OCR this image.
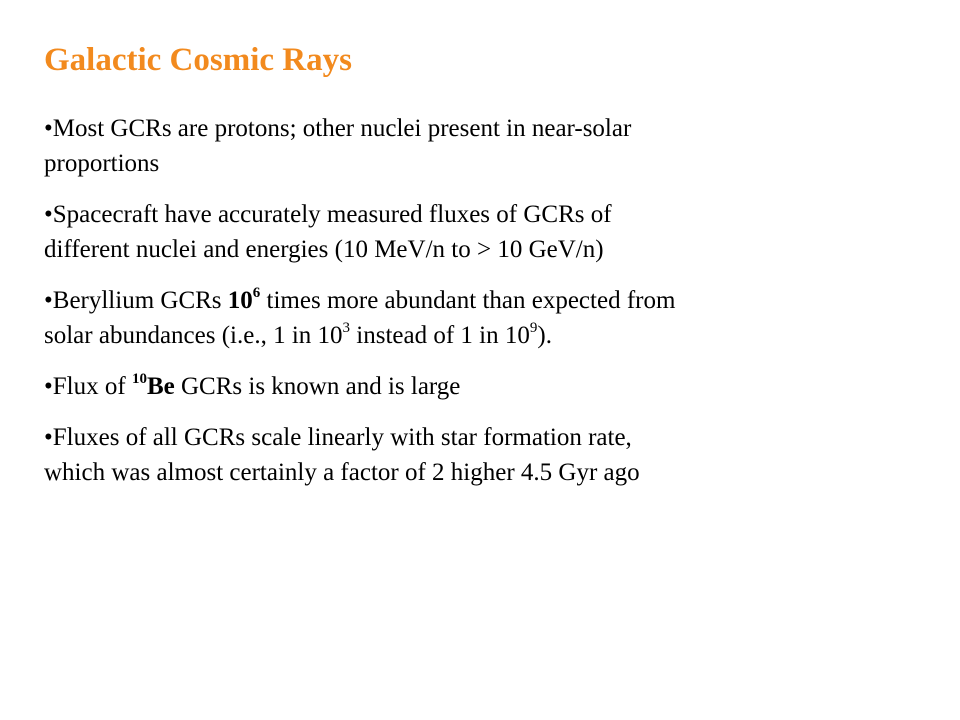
Galactic Cosmic Rays

•Most GCRs are protons; other nuclei present in near-solar

proportions

•Spacecraft have accurately measured fluxes of GCRs of

different nuclei and energies (10 MeV/n to > 10 GeV/n)

•Beryllium GCRs $10^6$ times more abundant than expected from

solar abundances (i.e., 1 in $10^3$ instead of 1 in $10^9$).

•Flux of $^{10}$Be GCRs is known and is large

•Fluxes of all GCRs scale linearly with star formation rate,

which was almost certainly a factor of 2 higher 4.5 Gyr ago
